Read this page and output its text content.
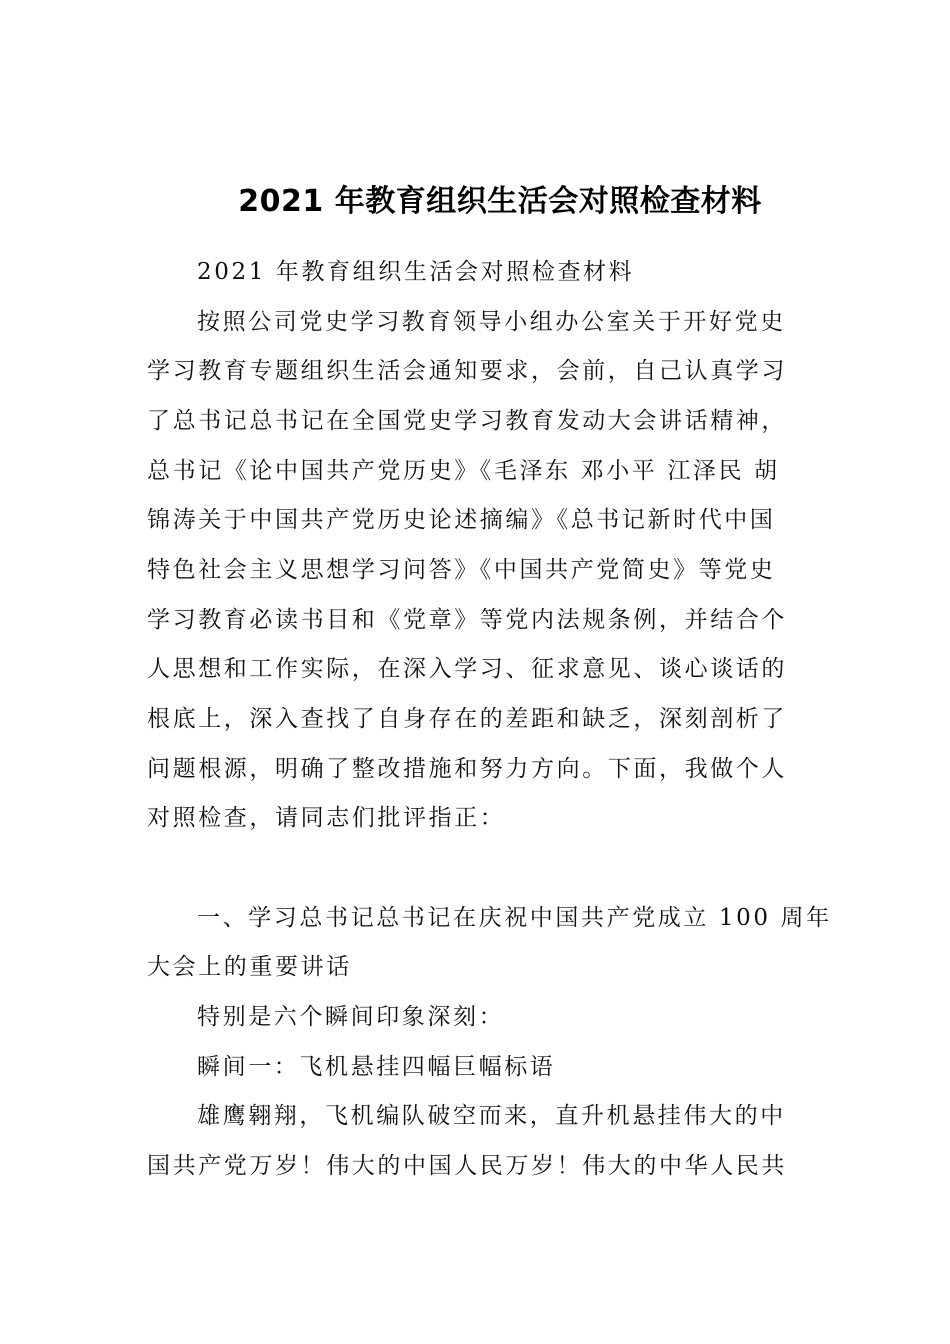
2021 年教育组织生活会对照检查材料
2021 年教育组织生活会对照检查材料
按照公司党史学习教育领导小组办公室关于开好党史
学习教育专题组织生活会通知要求，会前，自己认真学习
了总书记总书记在全国党史学习教育发动大会讲话精神，
总书记《论中国共产党历史》《毛泽东 邓小平 江泽民 胡
锦涛关于中国共产党历史论述摘编》《总书记新时代中国
特色社会主义思想学习问答》《中国共产党简史》等党史
学习教育必读书目和《党章》等党内法规条例，并结合个
人思想和工作实际，在深入学习、征求意见、谈心谈话的
根底上，深入查找了自身存在的差距和缺乏，深刻剖析了
问题根源，明确了整改措施和努力方向。下面，我做个人
对照检查，请同志们批评指正：
一、学习总书记总书记在庆祝中国共产党成立 100 周年
大会上的重要讲话
特别是六个瞬间印象深刻：
瞬间一：飞机悬挂四幅巨幅标语
雄鹰翱翔，飞机编队破空而来，直升机悬挂伟大的中
国共产党万岁！伟大的中国人民万岁！伟大的中华人民共
